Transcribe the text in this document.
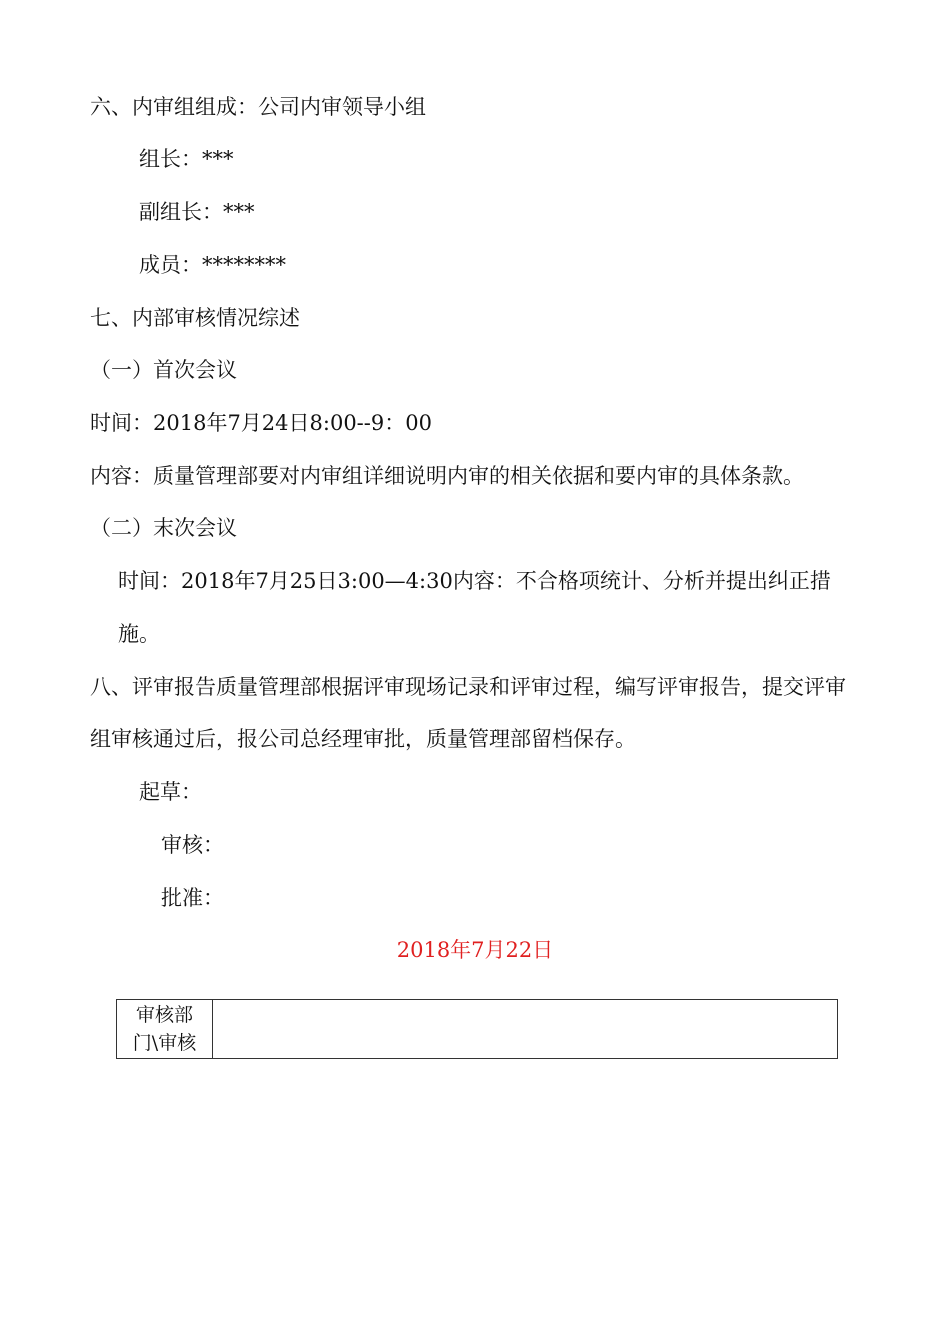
六、内审组组成：公司内审领导小组
组长：***
副组长：***
成员：********
七、内部审核情况综述
（一）首次会议
时间：2018年7月24日8:00--9：00
内容：质量管理部要对内审组详细说明内审的相关依据和要内审的具体条款。
（二）末次会议
时间：2018年7月25日3:00—4:30内容：不合格项统计、分析并提出纠正措
施。
八、评审报告质量管理部根据评审现场记录和评审过程，编写评审报告，提交评审
组审核通过后，报公司总经理审批，质量管理部留档保存。
起草：
审核：
批准：
2018年7月22日
审核部
门\审核
